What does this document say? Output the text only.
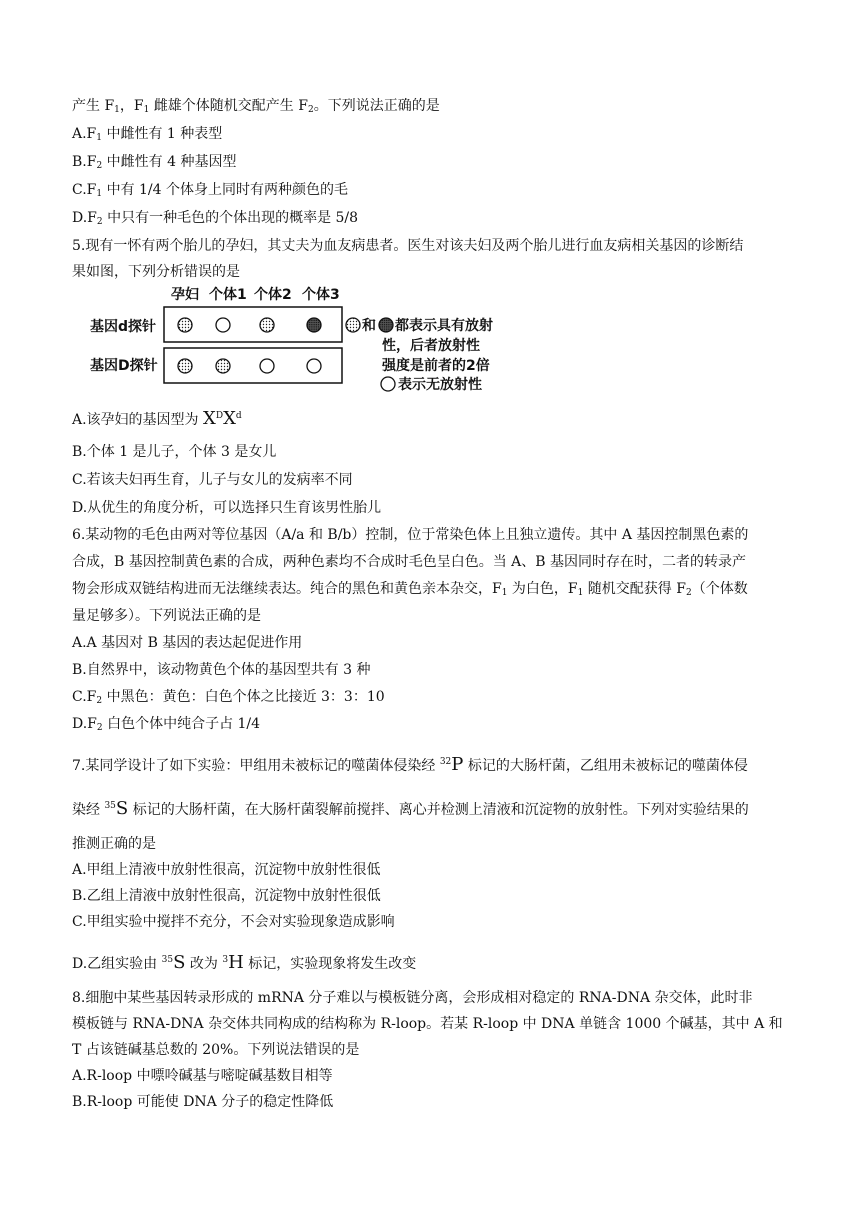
产生 $F_1$，$F_1$ 雌雄个体随机交配产生 $F_2$。下列说法正确的是
$A.F_1$ 中雌性有 1 种表型
$B.F_2$ 中雌性有 4 种基因型
$C.F_1$ 中有 1/4 个体身上同时有两种颜色的毛
$D.F_2$ 中只有一种毛色的个体出现的概率是 5/8
5.现有一怀有两个胎儿的孕妇，其丈夫为血友病患者。医生对该夫妇及两个胎儿进行血友病相关基因的诊断结
果如图，下列分析错误的是
孕妇 个体1 个体2 个体3
基因d探针
基因D探针
和 都表示具有放射
性，后者放射性
强度是前者的2倍
表示无放射性
A.该孕妇的基因型为 $X^DX^d$
B.个体 1 是儿子，个体 3 是女儿
C.若该夫妇再生育，儿子与女儿的发病率不同
D.从优生的角度分析，可以选择只生育该男性胎儿
6.某动物的毛色由两对等位基因（A/a 和 B/b）控制，位于常染色体上且独立遗传。其中 A 基因控制黑色素的
合成，B 基因控制黄色素的合成，两种色素均不合成时毛色呈白色。当 A、B 基因同时存在时，二者的转录产
物会形成双链结构进而无法继续表达。纯合的黑色和黄色亲本杂交，$F_1$ 为白色，$F_1$ 随机交配获得 $F_2$（个体数
量足够多）。下列说法正确的是
A.A 基因对 B 基因的表达起促进作用
B.自然界中，该动物黄色个体的基因型共有 3 种
$C.F_2$ 中黑色：黄色：白色个体之比接近 3：3：10
$D.F_2$ 白色个体中纯合子占 1/4
7.某同学设计了如下实验：甲组用未被标记的噬菌体侵染经 $^{32}$P 标记的大肠杆菌，乙组用未被标记的噬菌体侵
染经 $^{35}$S 标记的大肠杆菌，在大肠杆菌裂解前搅拌、离心并检测上清液和沉淀物的放射性。下列对实验结果的
推测正确的是
A.甲组上清液中放射性很高，沉淀物中放射性很低
B.乙组上清液中放射性很高，沉淀物中放射性很低
C.甲组实验中搅拌不充分，不会对实验现象造成影响
D.乙组实验由 $^{35}$S 改为 $^3$H 标记，实验现象将发生改变
8.细胞中某些基因转录形成的 mRNA 分子难以与模板链分离，会形成相对稳定的 RNA-DNA 杂交体，此时非
模板链与 RNA-DNA 杂交体共同构成的结构称为 R-loop。若某 R-loop 中 DNA 单链含 1000 个碱基，其中 A 和
T 占该链碱基总数的 20%。下列说法错误的是
A.R-loop 中嘌呤碱基与嘧啶碱基数目相等
B.R-loop 可能使 DNA 分子的稳定性降低
